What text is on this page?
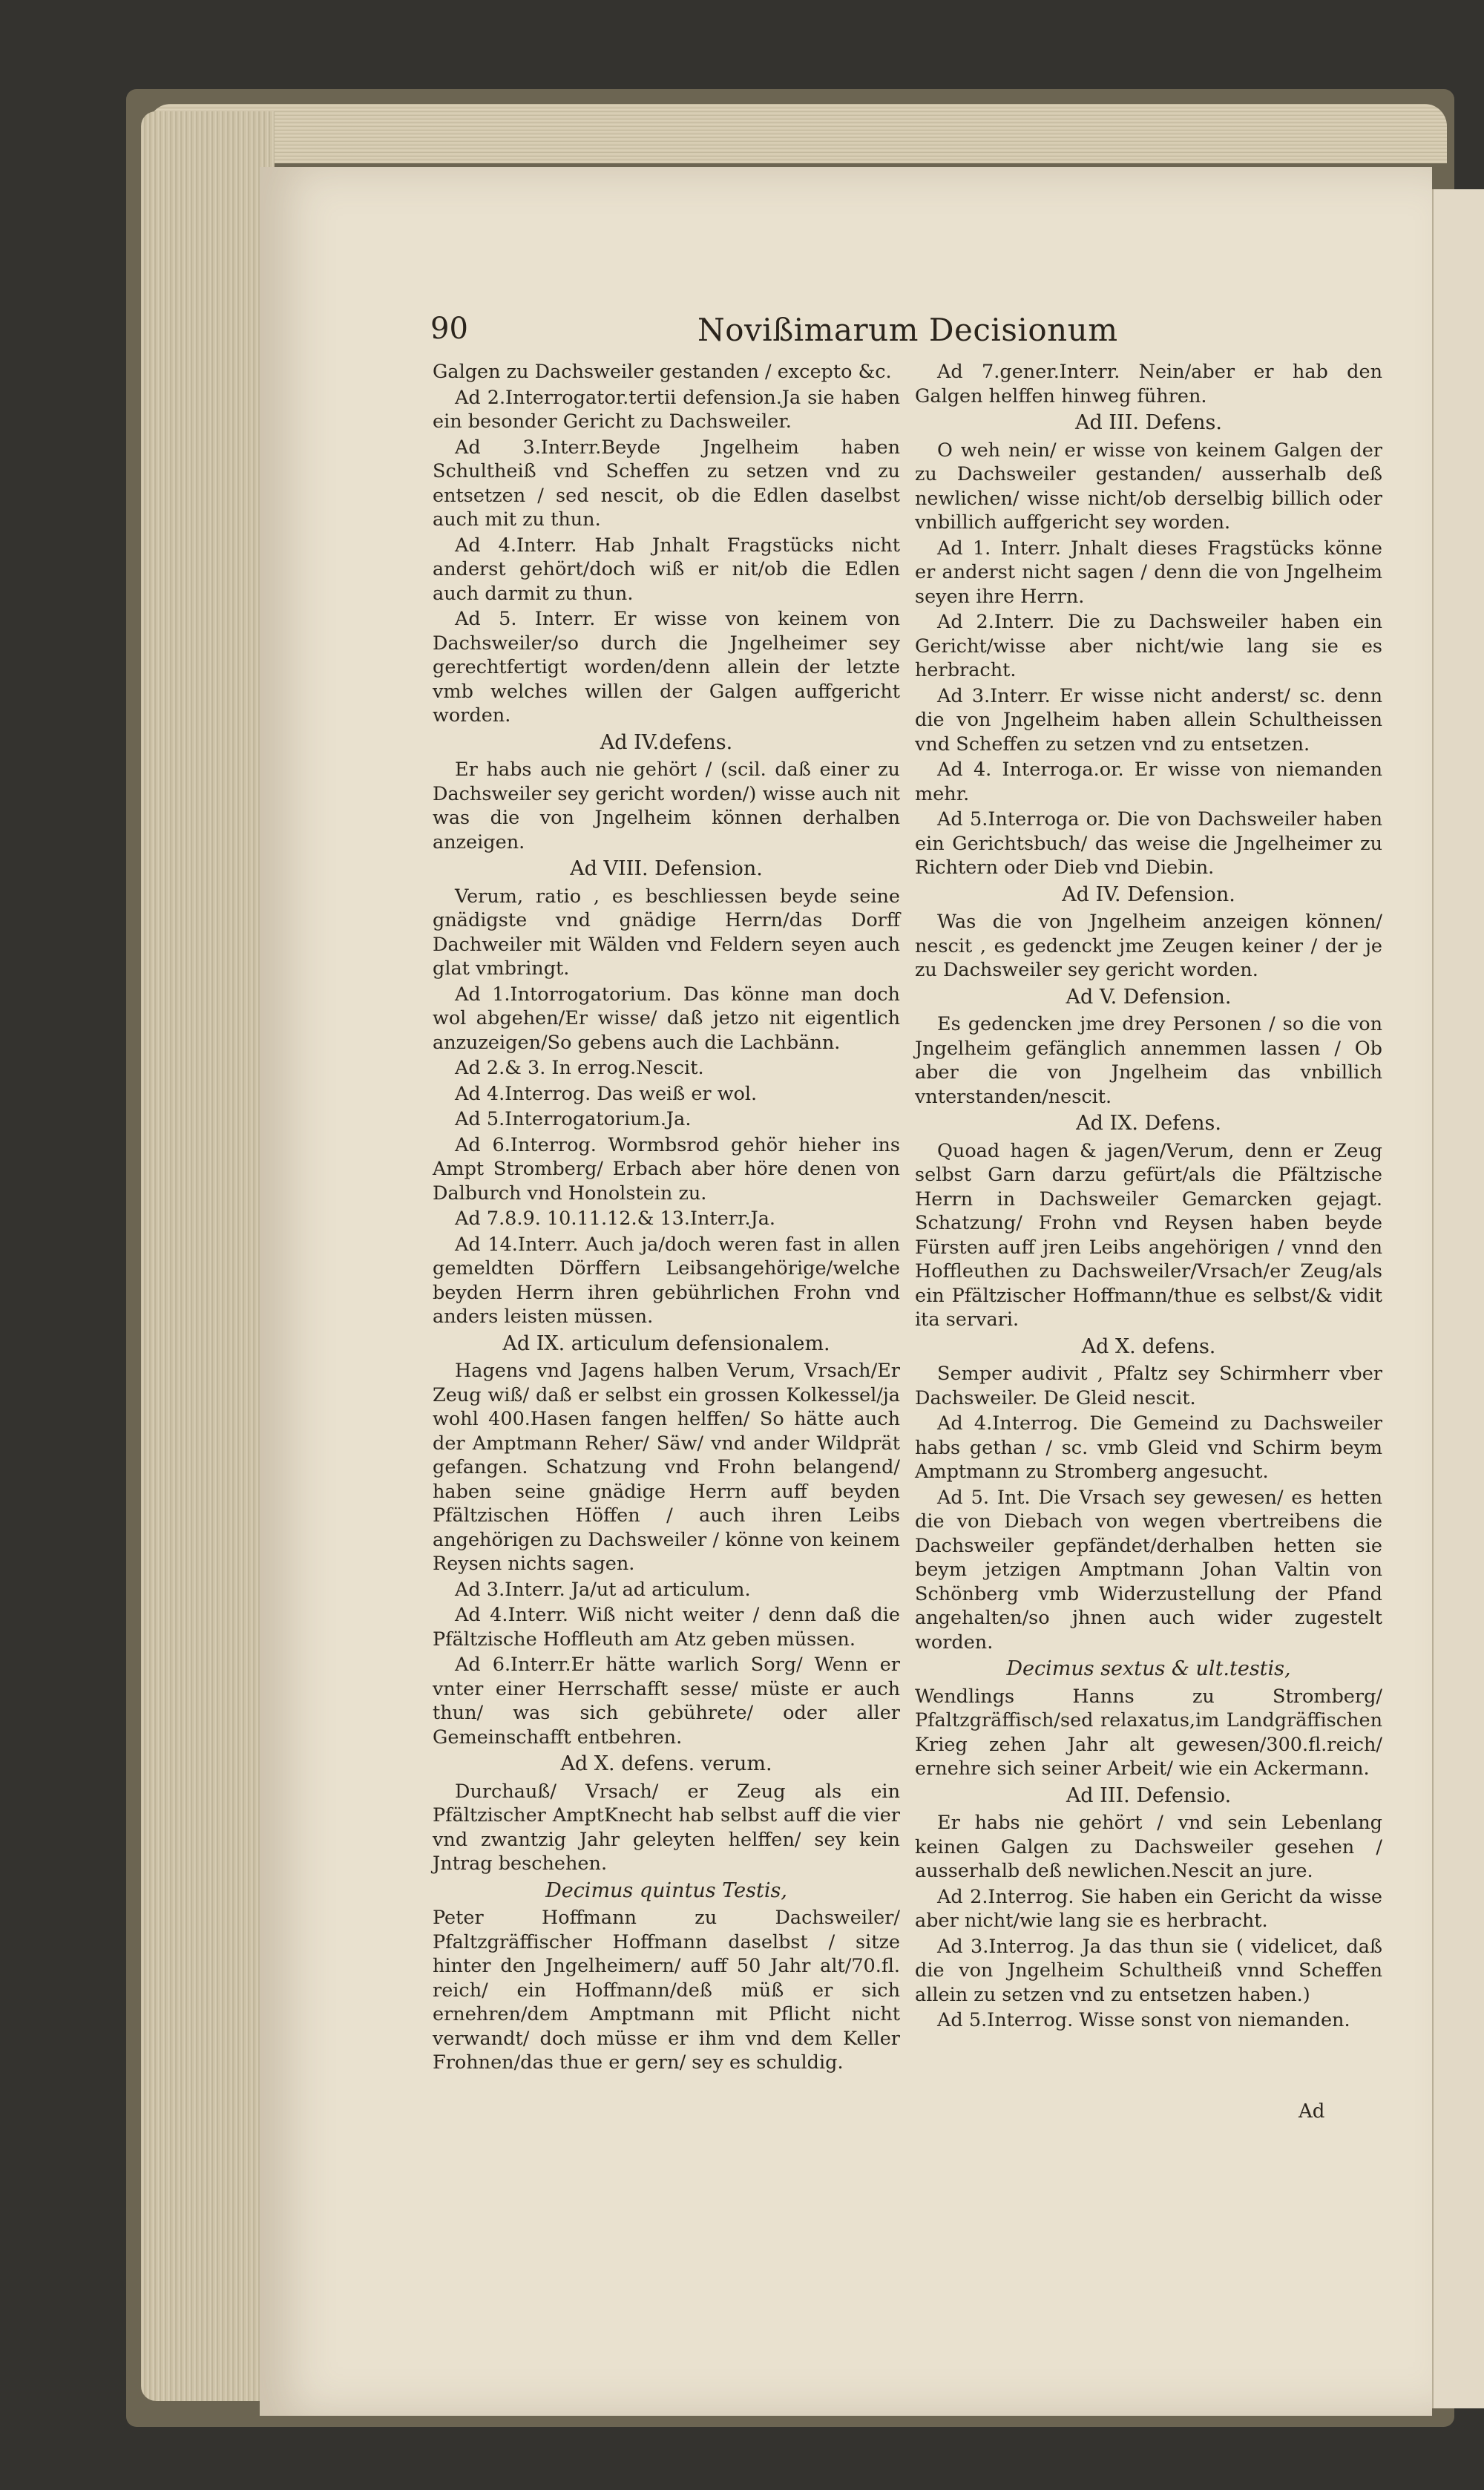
90	Novißimarum Decisionum

Galgen zu Dachsweiler gestanden / excepto &c.

Ad 2.Interrogator.tertii defension.Ja sie haben ein besonder Gericht zu Dachsweiler.

Ad 3.Interr.Beyde Jngelheim haben Schultheiß vnd Scheffen zu setzen vnd zu entsetzen / sed nescit, ob die Edlen daselbst auch mit zu thun.

Ad 4.Interr. Hab Jnhalt Fragstücks nicht anderst gehört/doch wiß er nit/ob die Edlen auch darmit zu thun.

Ad 5. Interr. Er wisse von keinem von Dachsweiler/so durch die Jngelheimer sey gerechtfertigt worden/denn allein der letzte vmb welches willen der Galgen auffgericht worden.

Ad IV.defens.

Er habs auch nie gehört / (scil. daß einer zu Dachsweiler sey gericht worden/) wisse auch nit was die von Jngelheim können derhalben anzeigen.

Ad VIII. Defension.

Verum, ratio , es beschliessen beyde seine gnädigste vnd gnädige Herrn/das Dorff Dachweiler mit Wälden vnd Feldern seyen auch glat vmbringt.

Ad 1.Intorrogatorium. Das könne man doch wol abgehen/Er wisse/ daß jetzo nit eigentlich anzuzeigen/So gebens auch die Lachbänn.

Ad 2.& 3. In errog.Nescit.

Ad 4.Interrog. Das weiß er wol.

Ad 5.Interrogatorium.Ja.

Ad 6.Interrog. Wormbsrod gehör hieher ins Ampt Stromberg/ Erbach aber höre denen von Dalburch vnd Honolstein zu.

Ad 7.8.9. 10.11.12.& 13.Interr.Ja.

Ad 14.Interr. Auch ja/doch weren fast in allen gemeldten Dörffern Leibsangehörige/welche beyden Herrn ihren gebührlichen Frohn vnd anders leisten müssen.

Ad IX. articulum defensionalem.

Hagens vnd Jagens halben Verum, Vrsach/Er Zeug wiß/ daß er selbst ein grossen Kolkessel/ja wohl 400.Hasen fangen helffen/ So hätte auch der Amptmann Reher/ Säw/ vnd ander Wildprät gefangen. Schatzung vnd Frohn belangend/ haben seine gnädige Herrn auff beyden Pfältzischen Höffen / auch ihren Leibs angehörigen zu Dachsweiler / könne von keinem Reysen nichts sagen.

Ad 3.Interr. Ja/ut ad articulum.

Ad 4.Interr. Wiß nicht weiter / denn daß die Pfältzische Hoffleuth am Atz geben müssen.

Ad 6.Interr.Er hätte warlich Sorg/ Wenn er vnter einer Herrschafft sesse/ müste er auch thun/ was sich gebührete/ oder aller Gemeinschafft entbehren.

Ad X. defens. verum.

Durchauß/ Vrsach/ er Zeug als ein Pfältzischer AmptKnecht hab selbst auff die vier vnd zwantzig Jahr geleyten helffen/ sey kein Jntrag beschehen.

Decimus quintus Testis,

Peter Hoffmann zu Dachsweiler/ Pfaltzgräffischer Hoffmann daselbst / sitze hinter den Jngelheimern/ auff 50 Jahr alt/70.fl. reich/ ein Hoffmann/deß müß er sich ernehren/dem Amptmann mit Pflicht nicht verwandt/ doch müsse er ihm vnd dem Keller Frohnen/das thue er gern/ sey es schuldig.

Ad 7.gener.Interr. Nein/aber er hab den Galgen helffen hinweg führen.

Ad III. Defens.

O weh nein/ er wisse von keinem Galgen der zu Dachsweiler gestanden/ ausserhalb deß newlichen/ wisse nicht/ob derselbig billich oder vnbillich auffgericht sey worden.

Ad 1. Interr. Jnhalt dieses Fragstücks könne er anderst nicht sagen / denn die von Jngelheim seyen ihre Herrn.

Ad 2.Interr. Die zu Dachsweiler haben ein Gericht/wisse aber nicht/wie lang sie es herbracht.

Ad 3.Interr. Er wisse nicht anderst/ sc. denn die von Jngelheim haben allein Schultheissen vnd Scheffen zu setzen vnd zu entsetzen.

Ad 4. Interroga.or. Er wisse von niemanden mehr.

Ad 5.Interroga or. Die von Dachsweiler haben ein Gerichtsbuch/ das weise die Jngelheimer zu Richtern oder Dieb vnd Diebin.

Ad IV. Defension.

Was die von Jngelheim anzeigen können/ nescit , es gedenckt jme Zeugen keiner / der je zu Dachsweiler sey gericht worden.

Ad V. Defension.

Es gedencken jme drey Personen / so die von Jngelheim gefänglich annemmen lassen / Ob aber die von Jngelheim das vnbillich vnterstanden/nescit.

Ad IX. Defens.

Quoad hagen & jagen/Verum, denn er Zeug selbst Garn darzu gefürt/als die Pfältzische Herrn in Dachsweiler Gemarcken gejagt. Schatzung/ Frohn vnd Reysen haben beyde Fürsten auff jren Leibs angehörigen / vnnd den Hoffleuthen zu Dachsweiler/Vrsach/er Zeug/als ein Pfältzischer Hoffmann/thue es selbst/& vidit ita servari.

Ad X. defens.

Semper audivit , Pfaltz sey Schirmherr vber Dachsweiler. De Gleid nescit.

Ad 4.Interrog. Die Gemeind zu Dachsweiler habs gethan / sc. vmb Gleid vnd Schirm beym Amptmann zu Stromberg angesucht.

Ad 5. Int. Die Vrsach sey gewesen/ es hetten die von Diebach von wegen vbertreibens die Dachsweiler gepfändet/derhalben hetten sie beym jetzigen Amptmann Johan Valtin von Schönberg vmb Widerzustellung der Pfand angehalten/so jhnen auch wider zugestelt worden.

Decimus sextus & ult.testis,

Wendlings Hanns zu Stromberg/ Pfaltzgräffisch/sed relaxatus,im Landgräffischen Krieg zehen Jahr alt gewesen/300.fl.reich/ ernehre sich seiner Arbeit/ wie ein Ackermann.

Ad III. Defensio.

Er habs nie gehört / vnd sein Lebenlang keinen Galgen zu Dachsweiler gesehen / ausserhalb deß newlichen.Nescit an jure.

Ad 2.Interrog. Sie haben ein Gericht da wisse aber nicht/wie lang sie es herbracht.

Ad 3.Interrog. Ja das thun sie ( videlicet, daß die von Jngelheim Schultheiß vnnd Scheffen allein zu setzen vnd zu entsetzen haben.)

Ad 5.Interrog. Wisse sonst von niemanden.

Ad
